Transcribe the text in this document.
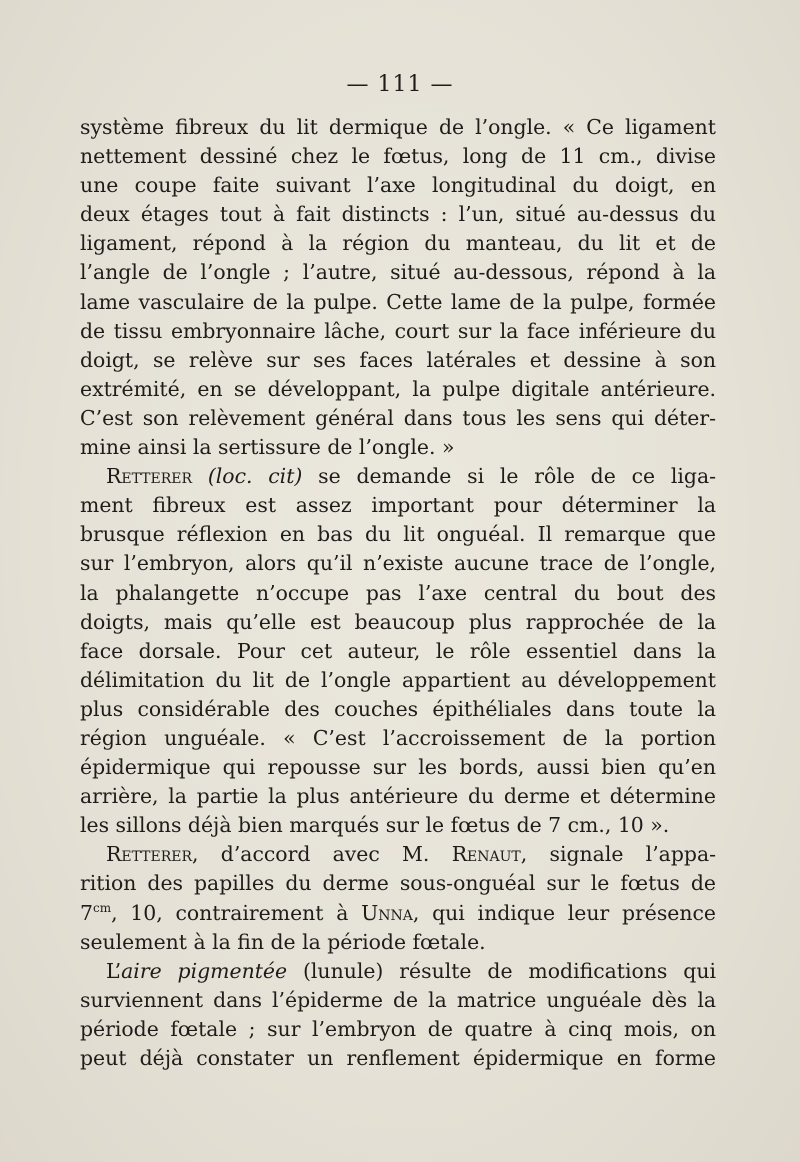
— 111 —
système fibreux du lit dermique de l’ongle. « Ce ligament
nettement dessiné chez le fœtus, long de 11 cm., divise
une coupe faite suivant l’axe longitudinal du doigt, en
deux étages tout à fait distincts : l’un, situé au-dessus du
ligament, répond à la région du manteau, du lit et de
l’angle de l’ongle ; l’autre, situé au-dessous, répond à la
lame vasculaire de la pulpe. Cette lame de la pulpe, formée
de tissu embryonnaire lâche, court sur la face inférieure du
doigt, se relève sur ses faces latérales et dessine à son
extrémité, en se développant, la pulpe digitale antérieure.
C’est son relèvement général dans tous les sens qui déter-
mine ainsi la sertissure de l’ongle. »
Retterer (loc. cit) se demande si le rôle de ce liga-
ment fibreux est assez important pour déterminer la
brusque réflexion en bas du lit onguéal. Il remarque que
sur l’embryon, alors qu’il n’existe aucune trace de l’ongle,
la phalangette n’occupe pas l’axe central du bout des
doigts, mais qu’elle est beaucoup plus rapprochée de la
face dorsale. Pour cet auteur, le rôle essentiel dans la
délimitation du lit de l’ongle appartient au développement
plus considérable des couches épithéliales dans toute la
région unguéale. « C’est l’accroissement de la portion
épidermique qui repousse sur les bords, aussi bien qu’en
arrière, la partie la plus antérieure du derme et détermine
les sillons déjà bien marqués sur le fœtus de 7 cm., 10 ».
Retterer, d’accord avec M. Renaut, signale l’appa-
rition des papilles du derme sous-onguéal sur le fœtus de
$7^{cm}$, 10, contrairement à Unna, qui indique leur présence
seulement à la fin de la période fœtale.
L’aire pigmentée (lunule) résulte de modifications qui
surviennent dans l’épiderme de la matrice unguéale dès la
période fœtale ; sur l’embryon de quatre à cinq mois, on
peut déjà constater un renflement épidermique en forme
